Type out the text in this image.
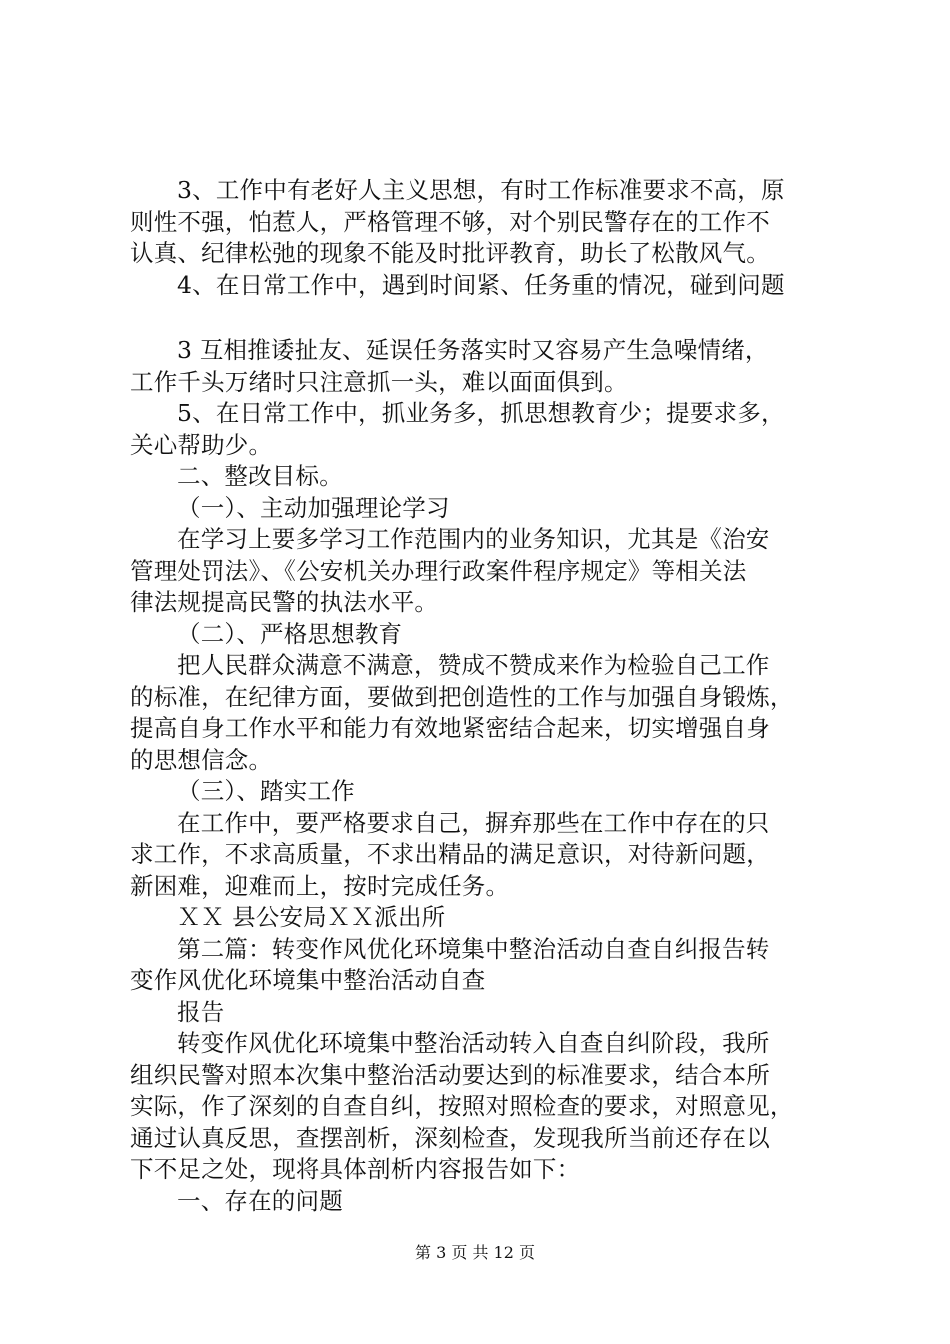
3、工作中有老好人主义思想，有时工作标准要求不高，原
则性不强，怕惹人，严格管理不够，对个别民警存在的工作不
认真、纪律松弛的现象不能及时批评教育，助长了松散风气。
4、在日常工作中，遇到时间紧、任务重的情况，碰到问题
3 互相推诿扯友、延误任务落实时又容易产生急噪情绪，
工作千头万绪时只注意抓一头，难以面面俱到。
5、在日常工作中，抓业务多，抓思想教育少；提要求多，
关心帮助少。
二、整改目标。
（一）、主动加强理论学习
在学习上要多学习工作范围内的业务知识，尤其是《治安
管理处罚法》、《公安机关办理行政案件程序规定》等相关法
律法规提高民警的执法水平。
（二）、严格思想教育
把人民群众满意不满意，赞成不赞成来作为检验自己工作
的标准，在纪律方面，要做到把创造性的工作与加强自身锻炼，
提高自身工作水平和能力有效地紧密结合起来，切实增强自身
的思想信念。
（三）、踏实工作
在工作中，要严格要求自己，摒弃那些在工作中存在的只
求工作，不求高质量，不求出精品的满足意识，对待新问题，
新困难，迎难而上，按时完成任务。
ＸＸ 县公安局ＸＸ派出所
第二篇：转变作风优化环境集中整治活动自查自纠报告转
变作风优化环境集中整治活动自查
报告
转变作风优化环境集中整治活动转入自查自纠阶段，我所
组织民警对照本次集中整治活动要达到的标准要求，结合本所
实际，作了深刻的自查自纠，按照对照检查的要求，对照意见，
通过认真反思，查摆剖析，深刻检查，发现我所当前还存在以
下不足之处，现将具体剖析内容报告如下：
一、存在的问题
第 3 页 共 12 页
